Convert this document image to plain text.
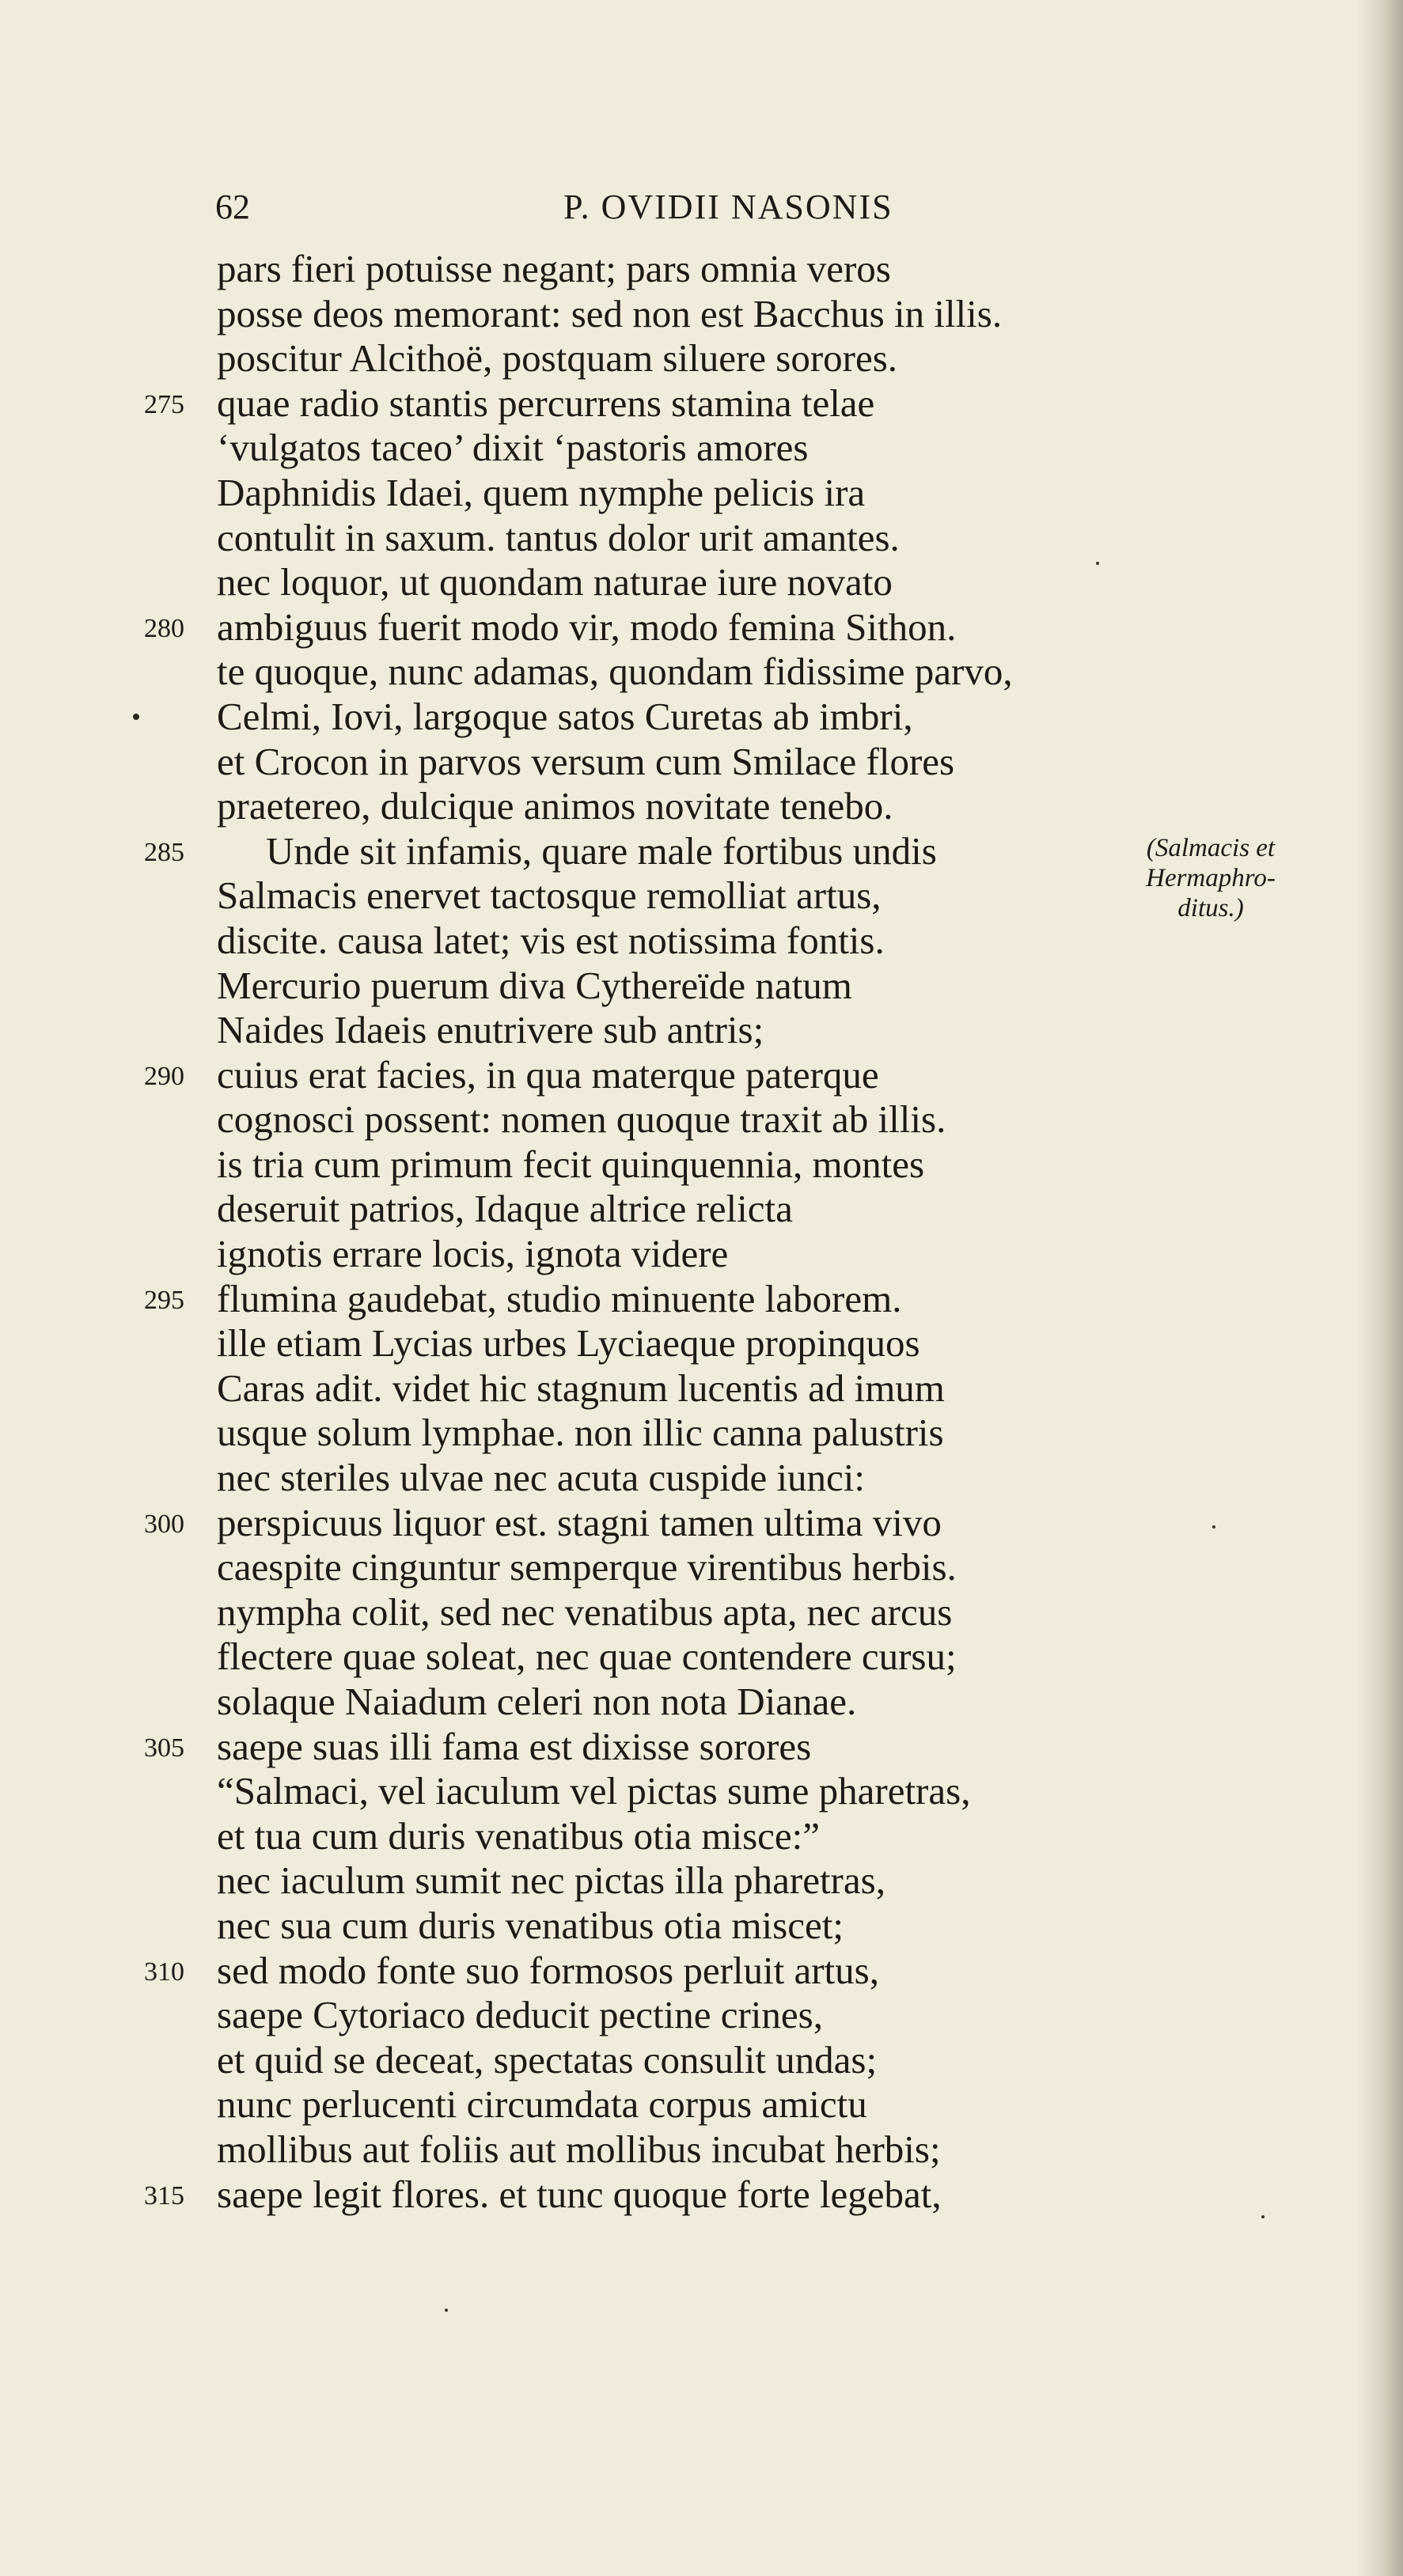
62	P. OVIDII NASONIS
pars fieri potuisse negant; pars omnia veros
posse deos memorant: sed non est Bacchus in illis.
poscitur Alcithoë, postquam siluere sorores.
275 quae radio stantis percurrens stamina telae
‘vulgatos taceo’ dixit ‘pastoris amores
Daphnidis Idaei, quem nymphe pelicis ira
contulit in saxum. tantus dolor urit amantes.
nec loquor, ut quondam naturae iure novato
280 ambiguus fuerit modo vir, modo femina Sithon.
te quoque, nunc adamas, quondam fidissime parvo,
Celmi, Iovi, largoque satos Curetas ab imbri,
et Crocon in parvos versum cum Smilace flores
praetereo, dulcique animos novitate tenebo.
285 Unde sit infamis, quare male fortibus undis
Salmacis enervet tactosque remolliat artus,
discite. causa latet; vis est notissima fontis.
Mercurio puerum diva Cythereïde natum
Naides Idaeis enutrivere sub antris;
290 cuius erat facies, in qua materque paterque
cognosci possent: nomen quoque traxit ab illis.
is tria cum primum fecit quinquennia, montes
deseruit patrios, Idaque altrice relicta
ignotis errare locis, ignota videre
295 flumina gaudebat, studio minuente laborem.
ille etiam Lycias urbes Lyciaeque propinquos
Caras adit. videt hic stagnum lucentis ad imum
usque solum lymphae. non illic canna palustris
nec steriles ulvae nec acuta cuspide iunci:
300 perspicuus liquor est. stagni tamen ultima vivo
caespite cinguntur semperque virentibus herbis.
nympha colit, sed nec venatibus apta, nec arcus
flectere quae soleat, nec quae contendere cursu;
solaque Naiadum celeri non nota Dianae.
305 saepe suas illi fama est dixisse sorores
“Salmaci, vel iaculum vel pictas sume pharetras,
et tua cum duris venatibus otia misce:”
nec iaculum sumit nec pictas illa pharetras,
nec sua cum duris venatibus otia miscet;
310 sed modo fonte suo formosos perluit artus,
saepe Cytoriaco deducit pectine crines,
et quid se deceat, spectatas consulit undas;
nunc perlucenti circumdata corpus amictu
mollibus aut foliis aut mollibus incubat herbis;
315 saepe legit flores. et tunc quoque forte legebat,
(Salmacis et
Hermaphro-
ditus.)
